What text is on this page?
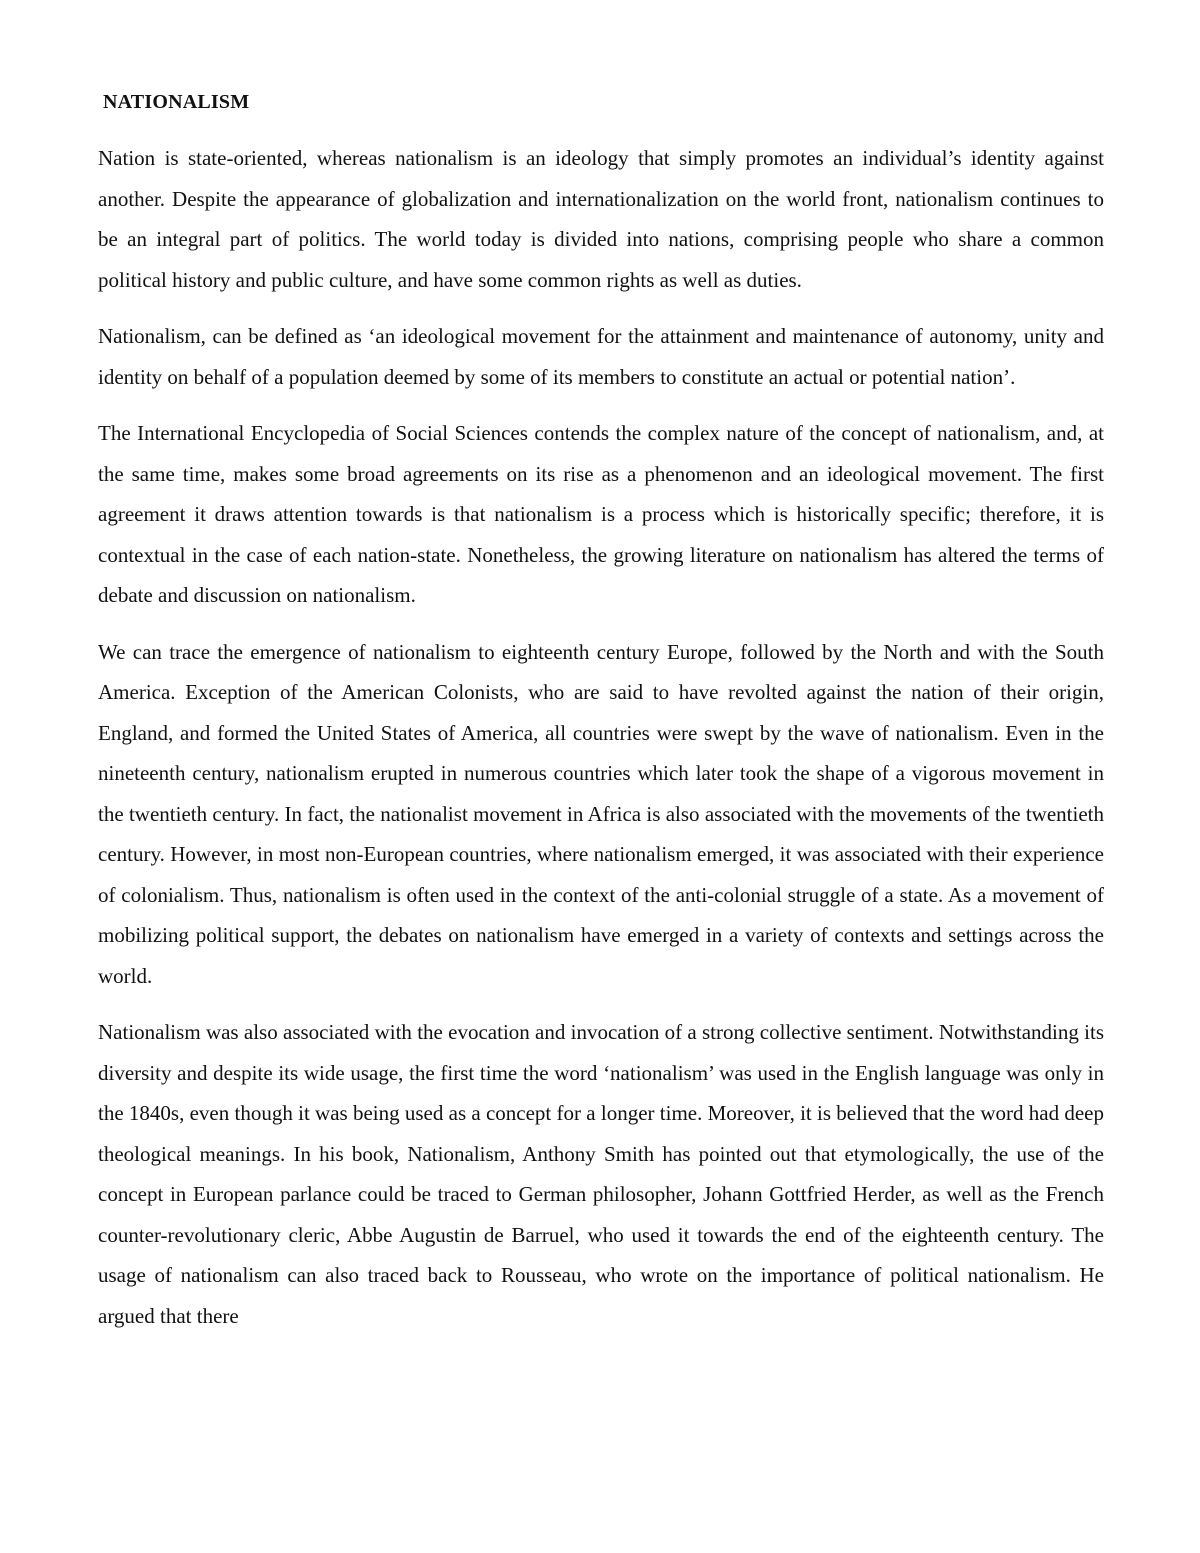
NATIONALISM

Nation is state-oriented, whereas nationalism is an ideology that simply promotes an individual’s identity against another. Despite the appearance of globalization and internationalization on the world front, nationalism continues to be an integral part of politics. The world today is divided into nations, comprising people who share a common political history and public culture, and have some common rights as well as duties.

Nationalism, can be defined as ‘an ideological movement for the attainment and maintenance of autonomy, unity and identity on behalf of a population deemed by some of its members to constitute an actual or potential nation’.

The International Encyclopedia of Social Sciences contends the complex nature of the concept of nationalism, and, at the same time, makes some broad agreements on its rise as a phenomenon and an ideological movement. The first agreement it draws attention towards is that nationalism is a process which is historically specific; therefore, it is contextual in the case of each nation-state. Nonetheless, the growing literature on nationalism has altered the terms of debate and discussion on nationalism.

We can trace the emergence of nationalism to eighteenth century Europe, followed by the North and with the South America. Exception of the American Colonists, who are said to have revolted against the nation of their origin, England, and formed the United States of America, all countries were swept by the wave of nationalism. Even in the nineteenth century, nationalism erupted in numerous countries which later took the shape of a vigorous movement in the twentieth century. In fact, the nationalist movement in Africa is also associated with the movements of the twentieth century. However, in most non-European countries, where nationalism emerged, it was associated with their experience of colonialism. Thus, nationalism is often used in the context of the anti-colonial struggle of a state. As a movement of mobilizing political support, the debates on nationalism have emerged in a variety of contexts and settings across the world.

Nationalism was also associated with the evocation and invocation of a strong collective sentiment. Notwithstanding its diversity and despite its wide usage, the first time the word ‘nationalism’ was used in the English language was only in the 1840s, even though it was being used as a concept for a longer time. Moreover, it is believed that the word had deep theological meanings. In his book, Nationalism, Anthony Smith has pointed out that etymologically, the use of the concept in European parlance could be traced to German philosopher, Johann Gottfried Herder, as well as the French counter-revolutionary cleric, Abbe Augustin de Barruel, who used it towards the end of the eighteenth century. The usage of nationalism can also traced back to Rousseau, who wrote on the importance of political nationalism. He argued that there
